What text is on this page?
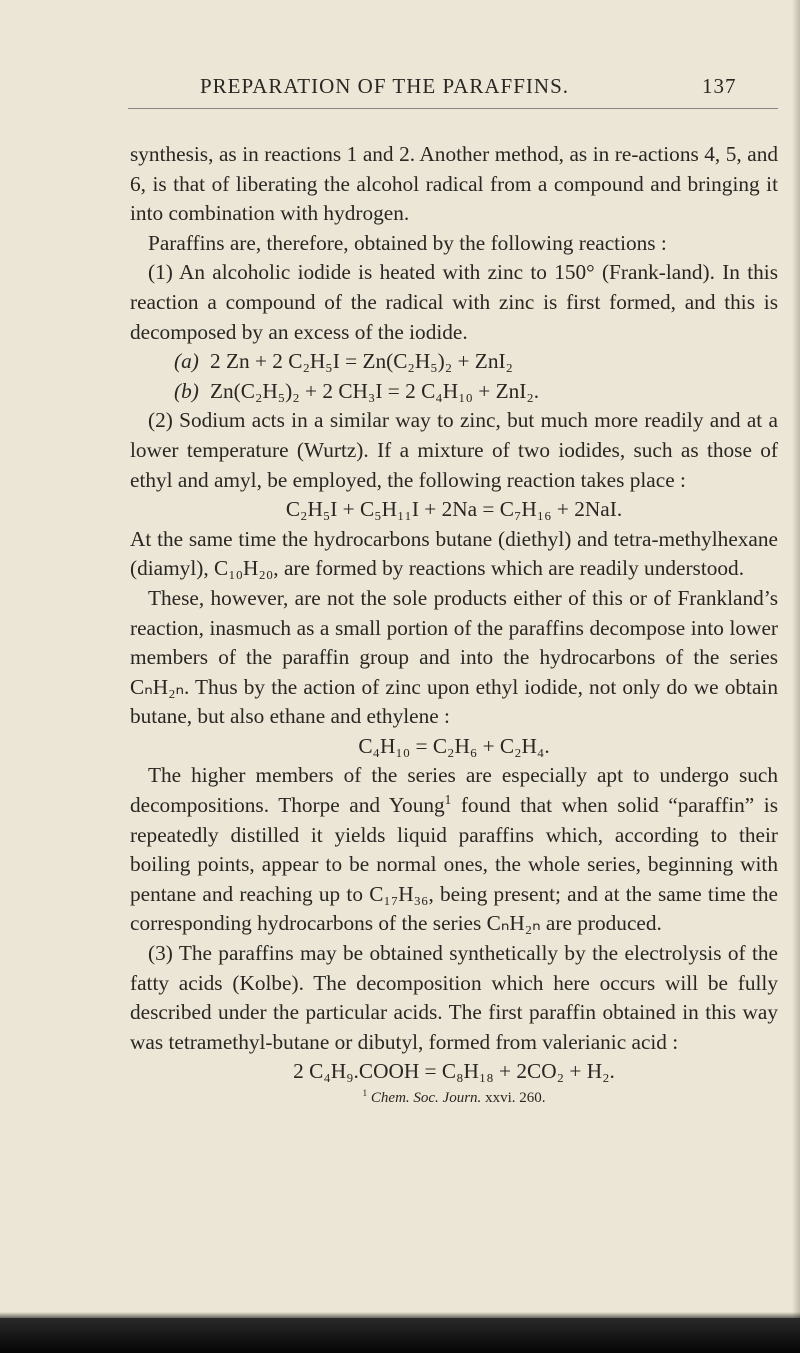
PREPARATION OF THE PARAFFINS.	137

synthesis, as in reactions 1 and 2. Another method, as in re-actions 4, 5, and 6, is that of liberating the alcohol radical from a compound and bringing it into combination with hydrogen.

Paraffins are, therefore, obtained by the following reactions :

(1) An alcoholic iodide is heated with zinc to 150° (Frank-land). In this reaction a compound of the radical with zinc is first formed, and this is decomposed by an excess of the iodide.

(a) 2 Zn + 2 C₂H₅I = Zn(C₂H₅)₂ + ZnI₂

(b) Zn(C₂H₅)₂ + 2 CH₃I = 2 C₄H₁₀ + ZnI₂.

(2) Sodium acts in a similar way to zinc, but much more readily and at a lower temperature (Wurtz). If a mixture of two iodides, such as those of ethyl and amyl, be employed, the following reaction takes place :

C₂H₅I + C₅H₁₁I + 2Na = C₇H₁₆ + 2NaI.

At the same time the hydrocarbons butane (diethyl) and tetra-methylhexane (diamyl), C₁₀H₂₀, are formed by reactions which are readily understood.

These, however, are not the sole products either of this or of Frankland’s reaction, inasmuch as a small portion of the paraffins decompose into lower members of the paraffin group and into the hydrocarbons of the series CₙH₂ₙ. Thus by the action of zinc upon ethyl iodide, not only do we obtain butane, but also ethane and ethylene :

C₄H₁₀ = C₂H₆ + C₂H₄.

The higher members of the series are especially apt to undergo such decompositions. Thorpe and Young$^1$ found that when solid “paraffin” is repeatedly distilled it yields liquid paraffins which, according to their boiling points, appear to be normal ones, the whole series, beginning with pentane and reaching up to C₁₇H₃₆, being present; and at the same time the corresponding hydrocarbons of the series CₙH₂ₙ are produced.

(3) The paraffins may be obtained synthetically by the electrolysis of the fatty acids (Kolbe). The decomposition which here occurs will be fully described under the particular acids. The first paraffin obtained in this way was tetramethyl-butane or dibutyl, formed from valerianic acid :

2 C₄H₉.COOH = C₈H₁₈ + 2CO₂ + H₂.

$^1$ Chem. Soc. Journ. xxvi. 260.
